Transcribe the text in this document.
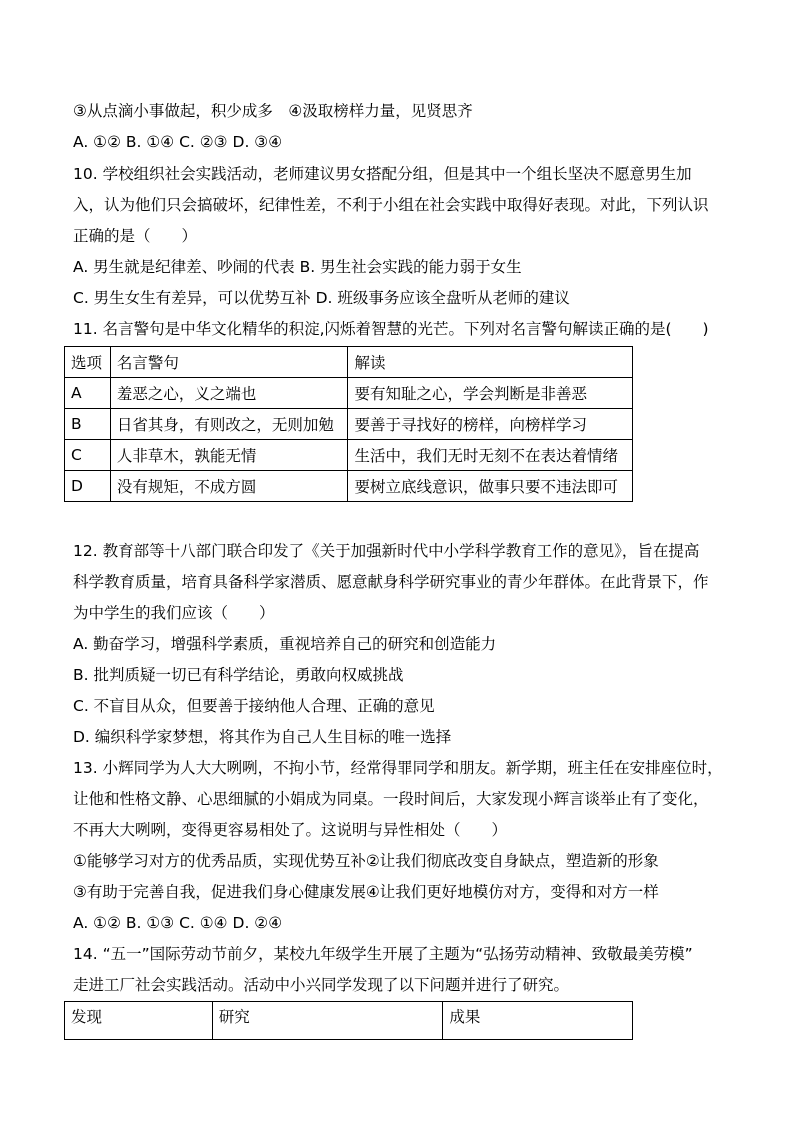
③从点滴小事做起，积少成多　④汲取榜样力量，见贤思齐
A. ①② B. ①④ C. ②③ D. ③④
10. 学校组织社会实践活动，老师建议男女搭配分组，但是其中一个组长坚决不愿意男生加
入，认为他们只会搞破坏，纪律性差，不利于小组在社会实践中取得好表现。对此，下列认识
正确的是（　　）
A. 男生就是纪律差、吵闹的代表 B. 男生社会实践的能力弱于女生
C. 男生女生有差异，可以优势互补 D. 班级事务应该全盘听从老师的建议
11. 名言警句是中华文化精华的积淀,闪烁着智慧的光芒。下列对名言警句解读正确的是(　　)
选项	名言警句	解读
A	羞恶之心，义之端也	要有知耻之心，学会判断是非善恶
B	日省其身，有则改之，无则加勉	要善于寻找好的榜样，向榜样学习
C	人非草木，孰能无情	生活中，我们无时无刻不在表达着情绪
D	没有规矩，不成方圆	要树立底线意识，做事只要不违法即可
12. 教育部等十八部门联合印发了《关于加强新时代中小学科学教育工作的意见》，旨在提高
科学教育质量，培育具备科学家潜质、愿意献身科学研究事业的青少年群体。在此背景下，作
为中学生的我们应该（　　）
A. 勤奋学习，增强科学素质，重视培养自己的研究和创造能力
B. 批判质疑一切已有科学结论，勇敢向权威挑战
C. 不盲目从众，但要善于接纳他人合理、正确的意见
D. 编织科学家梦想，将其作为自己人生目标的唯一选择
13. 小辉同学为人大大咧咧，不拘小节，经常得罪同学和朋友。新学期，班主任在安排座位时，
让他和性格文静、心思细腻的小娟成为同桌。一段时间后，大家发现小辉言谈举止有了变化，
不再大大咧咧，变得更容易相处了。这说明与异性相处（　　）
①能够学习对方的优秀品质，实现优势互补②让我们彻底改变自身缺点，塑造新的形象
③有助于完善自我，促进我们身心健康发展④让我们更好地模仿对方，变得和对方一样
A. ①② B. ①③ C. ①④ D. ②④
14. “五一”国际劳动节前夕，某校九年级学生开展了主题为“弘扬劳动精神、致敬最美劳模”
走进工厂社会实践活动。活动中小兴同学发现了以下问题并进行了研究。
发现	研究	成果
